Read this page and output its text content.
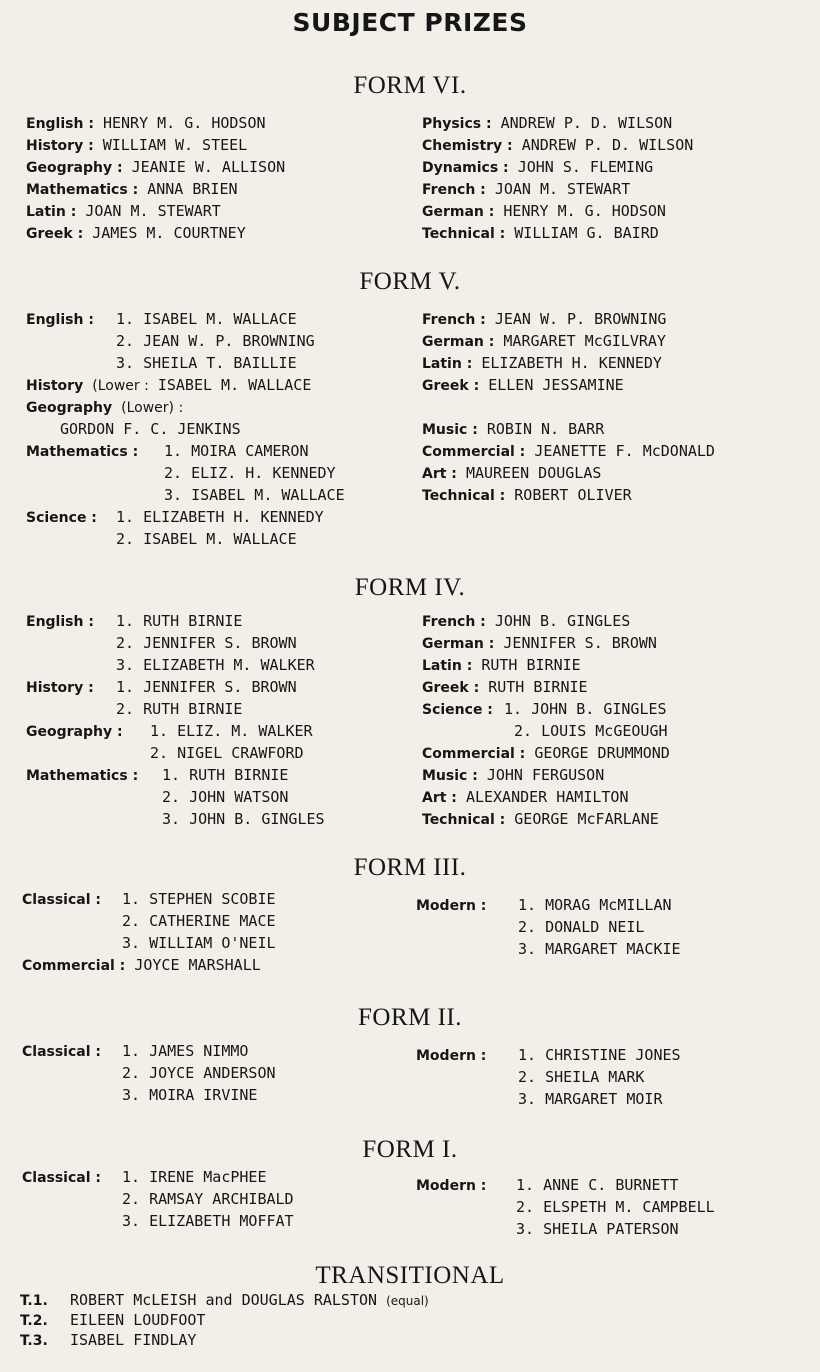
SUBJECT PRIZES
FORM VI.
English : HENRY M. G. HODSON
History : WILLIAM W. STEEL
Geography : JEANIE W. ALLISON
Mathematics : ANNA BRIEN
Latin : JOAN M. STEWART
Greek : JAMES M. COURTNEY
Physics : ANDREW P. D. WILSON
Chemistry : ANDREW P. D. WILSON
Dynamics : JOHN S. FLEMING
French : JOAN M. STEWART
German : HENRY M. G. HODSON
Technical : WILLIAM G. BAIRD
FORM V.
English : 1. ISABEL M. WALLACE
2. JEAN W. P. BROWNING
3. SHEILA T. BAILLIE
History (Lower : ISABEL M. WALLACE
Geography (Lower) :
GORDON F. C. JENKINS
Mathematics : 1. MOIRA CAMERON
2. ELIZ. H. KENNEDY
3. ISABEL M. WALLACE
Science : 1. ELIZABETH H. KENNEDY
2. ISABEL M. WALLACE
French : JEAN W. P. BROWNING
German : MARGARET McGILVRAY
Latin : ELIZABETH H. KENNEDY
Greek : ELLEN JESSAMINE
Music : ROBIN N. BARR
Commercial : JEANETTE F. McDONALD
Art : MAUREEN DOUGLAS
Technical : ROBERT OLIVER
FORM IV.
English : 1. RUTH BIRNIE
2. JENNIFER S. BROWN
3. ELIZABETH M. WALKER
History : 1. JENNIFER S. BROWN
2. RUTH BIRNIE
Geography : 1. ELIZ. M. WALKER
2. NIGEL CRAWFORD
Mathematics : 1. RUTH BIRNIE
2. JOHN WATSON
3. JOHN B. GINGLES
French : JOHN B. GINGLES
German : JENNIFER S. BROWN
Latin : RUTH BIRNIE
Greek : RUTH BIRNIE
Science : 1. JOHN B. GINGLES
2. LOUIS McGEOUGH
Commercial : GEORGE DRUMMOND
Music : JOHN FERGUSON
Art : ALEXANDER HAMILTON
Technical : GEORGE McFARLANE
FORM III.
Classical : 1. STEPHEN SCOBIE
2. CATHERINE MACE
3. WILLIAM O'NEIL
Commercial : JOYCE MARSHALL
Modern : 1. MORAG McMILLAN
2. DONALD NEIL
3. MARGARET MACKIE
FORM II.
Classical : 1. JAMES NIMMO
2. JOYCE ANDERSON
3. MOIRA IRVINE
Modern : 1. CHRISTINE JONES
2. SHEILA MARK
3. MARGARET MOIR
FORM I.
Classical : 1. IRENE MacPHEE
2. RAMSAY ARCHIBALD
3. ELIZABETH MOFFAT
Modern : 1. ANNE C. BURNETT
2. ELSPETH M. CAMPBELL
3. SHEILA PATERSON
TRANSITIONAL
T.1. ROBERT McLEISH and DOUGLAS RALSTON (equal)
T.2. EILEEN LOUDFOOT
T.3. ISABEL FINDLAY
